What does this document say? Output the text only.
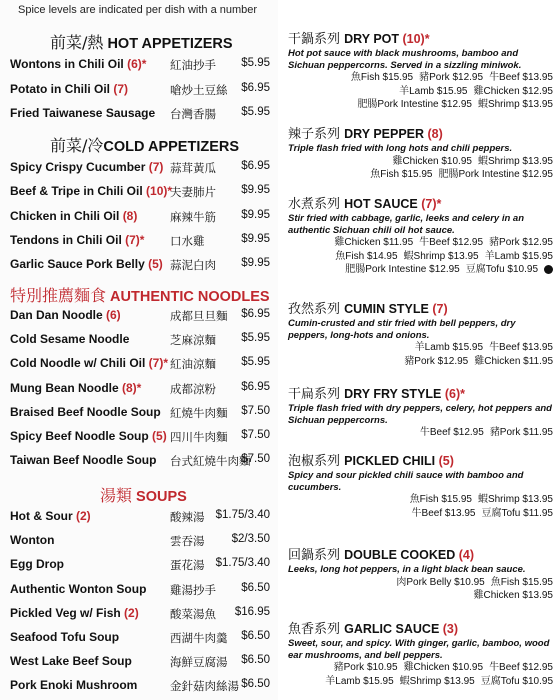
Spice levels are indicated per dish with a number
前菜/熱 HOT APPETIZERS
Wontons in Chili Oil (6)* 紅油抄手 $5.95
Potato in Chili Oil (7)	嗆炒土豆絲 $6.95
Fried Taiwanese Sausage 台灣香腸 $5.95
前菜/冷COLD APPETIZERS
Spicy Crispy Cucumber (7) 蒜茸黃瓜 $6.95
Beef & Tripe in Chili Oil (10)*
夫妻肺片 $9.95
Chicken in Chili Oil (8)	麻辣牛筋 $9.95
Tendons in Chili Oil (7)* 口水雞	$9.95
Garlic Sauce Pork Belly (5) 蒜泥白肉 $9.95
特別推薦麵食 AUTHENTIC NOODLES
Dan Dan Noodle (6)	成都旦旦麵 $6.95
Cold Sesame Noodle	芝麻涼麵 $5.95
Cold Noodle w/ Chili Oil (7)* 紅油涼麵 $5.95
Mung Bean Noodle (8)* 成都涼粉 $6.95
Braised Beef Noodle Soup 紅燒牛肉麵 $7.50
Spicy Beef Noodle Soup (5) 四川牛肉麵 $7.50
Taiwan Beef Noodle Soup 台式紅燒牛肉麵
$7.50
湯類 SOUPS
Hot & Sour (2)	酸辣湯 $1.75/3.40
Wonton	雲吞湯 $2/3.50
Egg Drop	蛋花湯 $1.75/3.40
Authentic Wonton Soup 雞湯抄手 $6.50
Pickled Veg w/ Fish (2)	酸菜湯魚 $16.95
Seafood Tofu Soup	西湖牛肉羹 $6.50
West Lake Beef Soup	海鮮豆腐湯 $6.50
Pork Enoki Mushroom	金針菇肉絲湯 $6.50
干鍋系列 DRY POT (10)*
Hot pot sauce with black mushrooms, bamboo and Sichuan peppercorns. Served in a sizzling miniwok.
魚Fish $15.95 豬Pork $12.95 牛Beef $13.95
羊Lamb $15.95 雞Chicken $12.95
肥腸Pork Intestine $12.95 蝦Shrimp $13.95
辣子系列 DRY PEPPER (8)
Triple flash fried with long hots and chili peppers.
雞Chicken $10.95 蝦Shrimp $13.95
魚Fish $15.95 肥腸Pork Intestine $12.95
水煮系列 HOT SAUCE (7)*
Stir fried with cabbage, garlic, leeks and celery in an authentic Sichuan chili oil hot sauce.
雞Chicken $11.95 牛Beef $12.95 豬Pork $12.95
魚Fish $14.95 蝦Shrimp $13.95 羊Lamb $15.95
肥腸Pork Intestine $12.95 豆腐Tofu $10.95
孜然系列 CUMIN STYLE (7)
Cumin-crusted and stir fried with bell peppers, dry peppers, long-hots and onions.
羊Lamb $15.95 牛Beef $13.95
豬Pork $12.95 雞Chicken $11.95
干扁系列 DRY FRY STYLE (6)*
Triple flash fried with dry peppers, celery, hot peppers and Sichuan peppercorns.
牛Beef $12.95 豬Pork $11.95
泡椒系列 PICKLED CHILI (5)
Spicy and sour pickled chili sauce with bamboo and cucumbers.
魚Fish $15.95 蝦Shrimp $13.95
牛Beef $13.95 豆腐Tofu $11.95
回鍋系列 DOUBLE COOKED (4)
Leeks, long hot peppers, in a light black bean sauce.
肉Pork Belly $10.95 魚Fish $15.95
雞Chicken $13.95
魚香系列 GARLIC SAUCE (3)
Sweet, sour, and spicy. With ginger, garlic, bamboo, wood ear mushrooms, and bell peppers.
豬Pork $10.95 雞Chicken $10.95 牛Beef $12.95
羊Lamb $15.95 蝦Shrimp $13.95 豆腐Tofu $10.95
